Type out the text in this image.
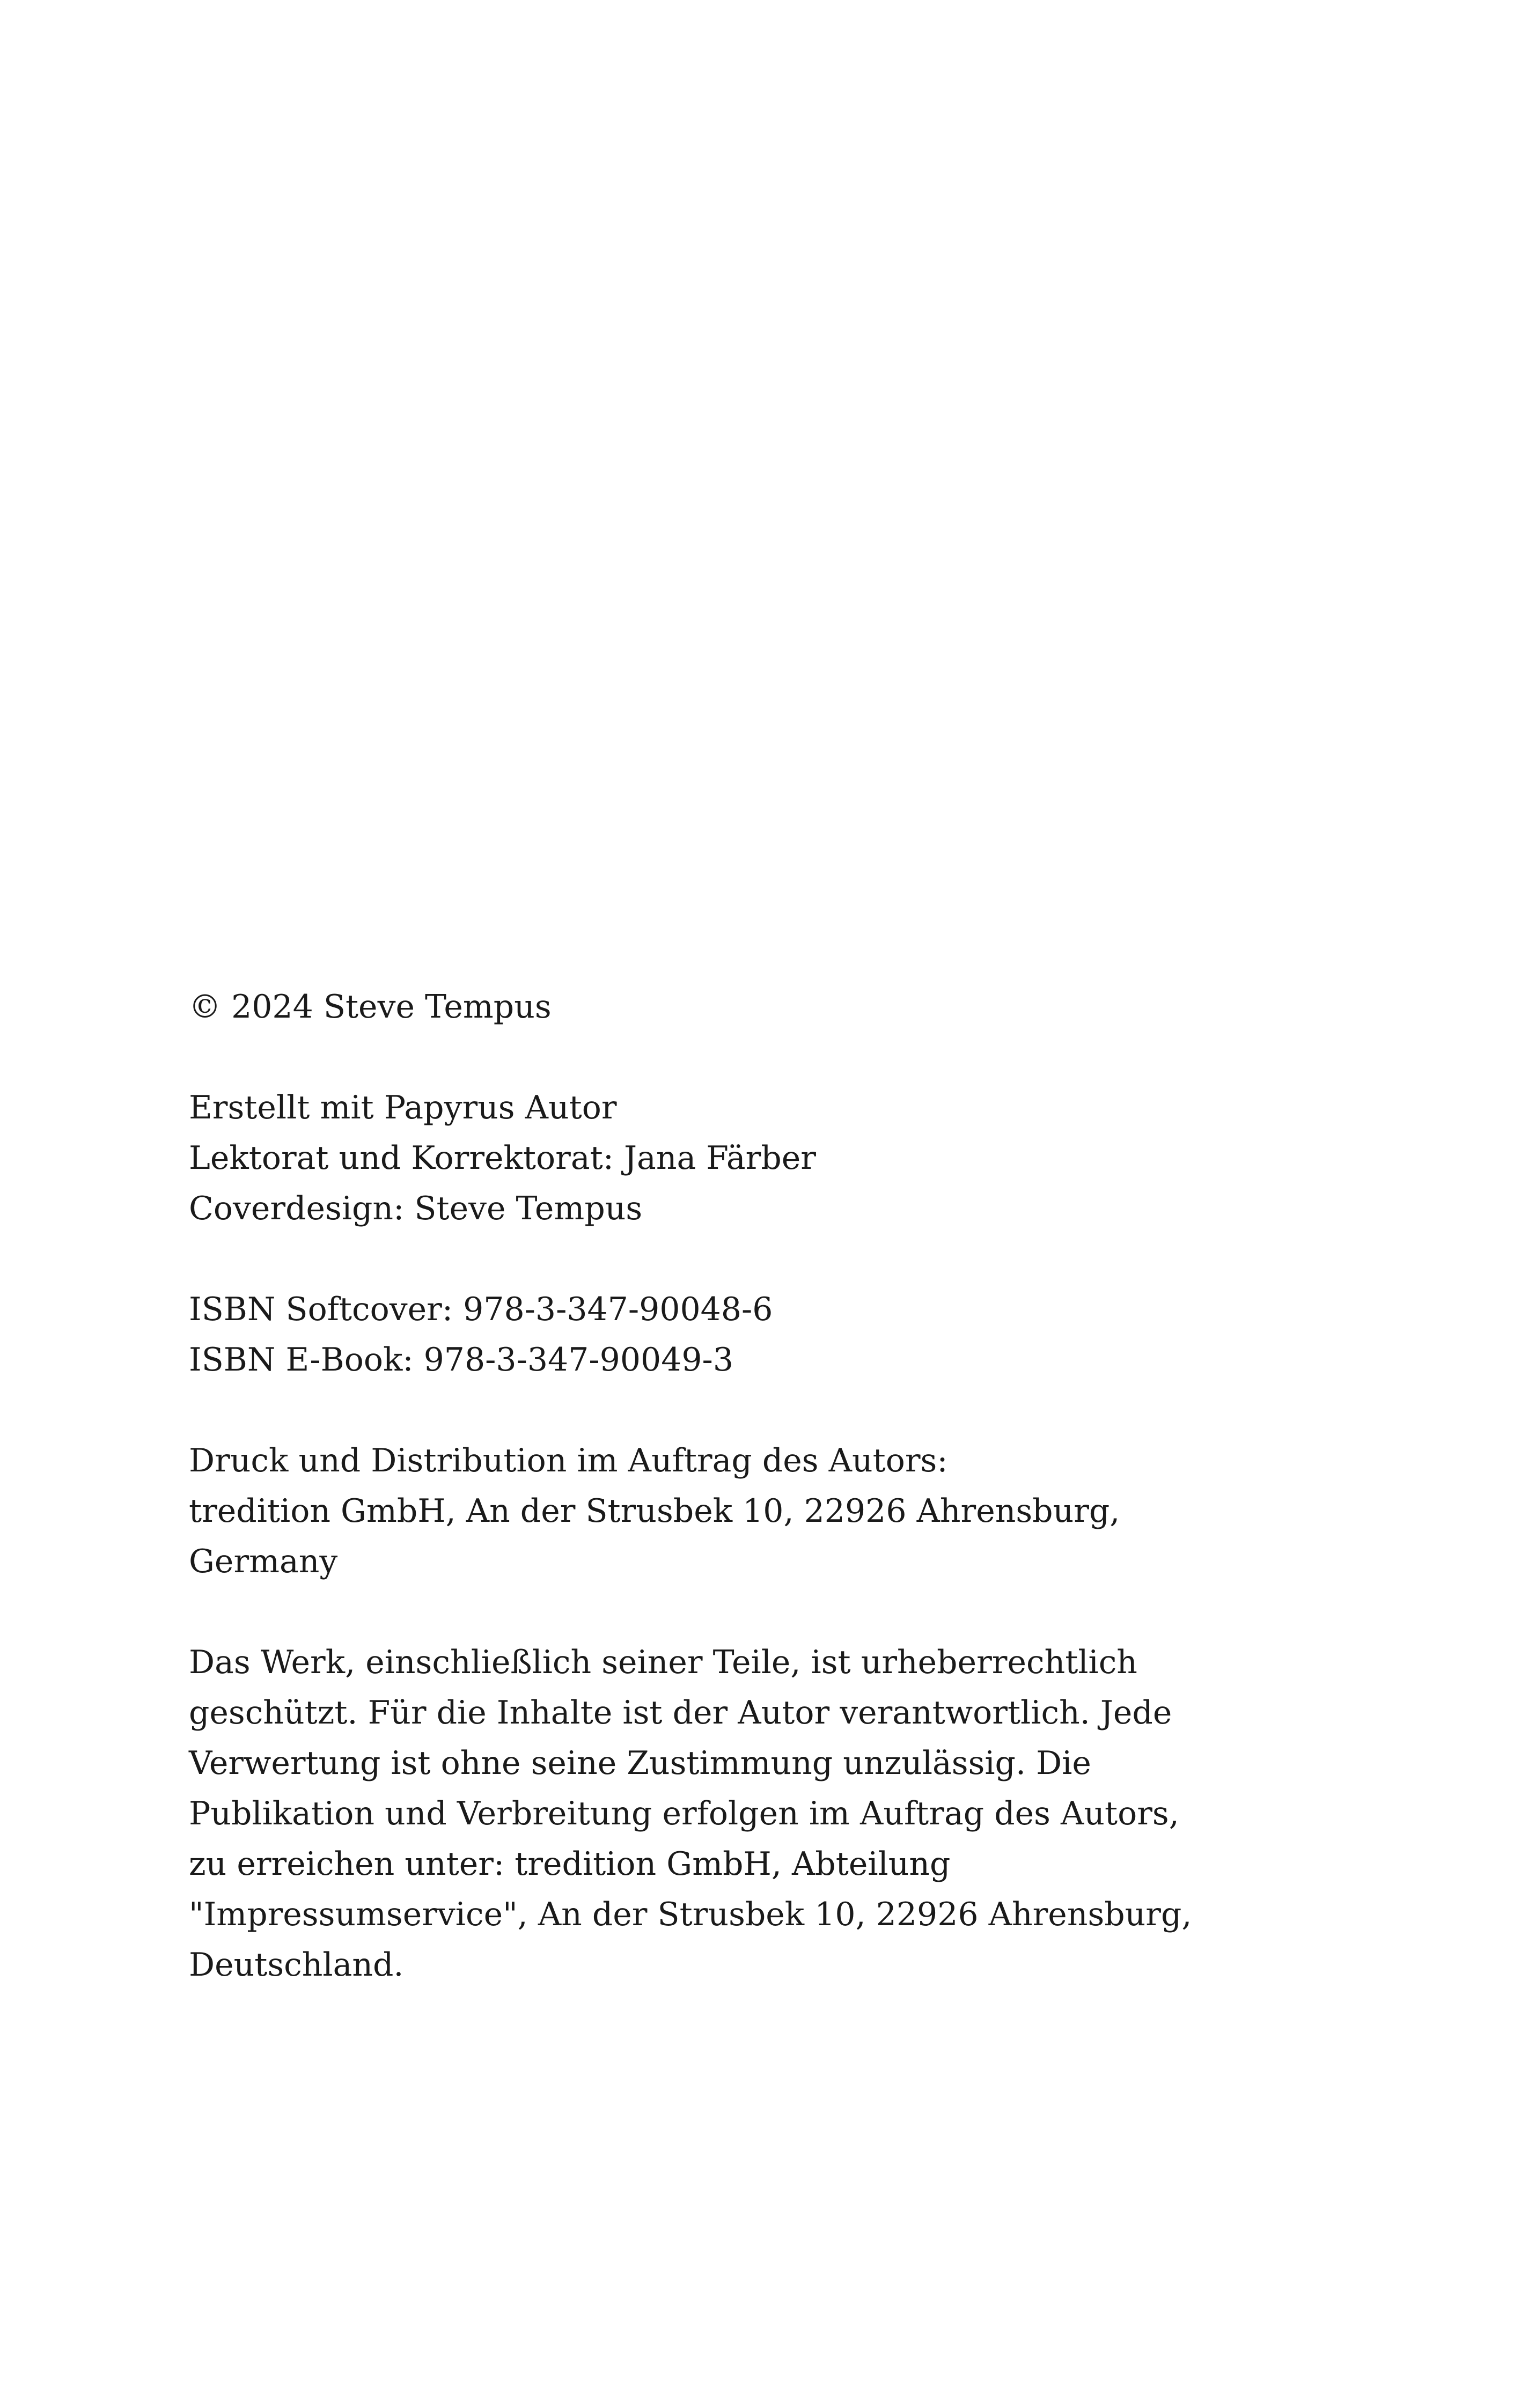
© 2024 Steve Tempus
Erstellt mit Papyrus Autor
Lektorat und Korrektorat: Jana Färber
Coverdesign: Steve Tempus
ISBN Softcover: 978-3-347-90048-6
ISBN E-Book: 978-3-347-90049-3
Druck und Distribution im Auftrag des Autors:
tredition GmbH, An der Strusbek 10, 22926 Ahrensburg,
Germany
Das Werk, einschließlich seiner Teile, ist urheberrechtlich
geschützt. Für die Inhalte ist der Autor verantwortlich. Jede
Verwertung ist ohne seine Zustimmung unzulässig. Die
Publikation und Verbreitung erfolgen im Auftrag des Autors,
zu erreichen unter: tredition GmbH, Abteilung
"Impressumservice", An der Strusbek 10, 22926 Ahrensburg,
Deutschland.
